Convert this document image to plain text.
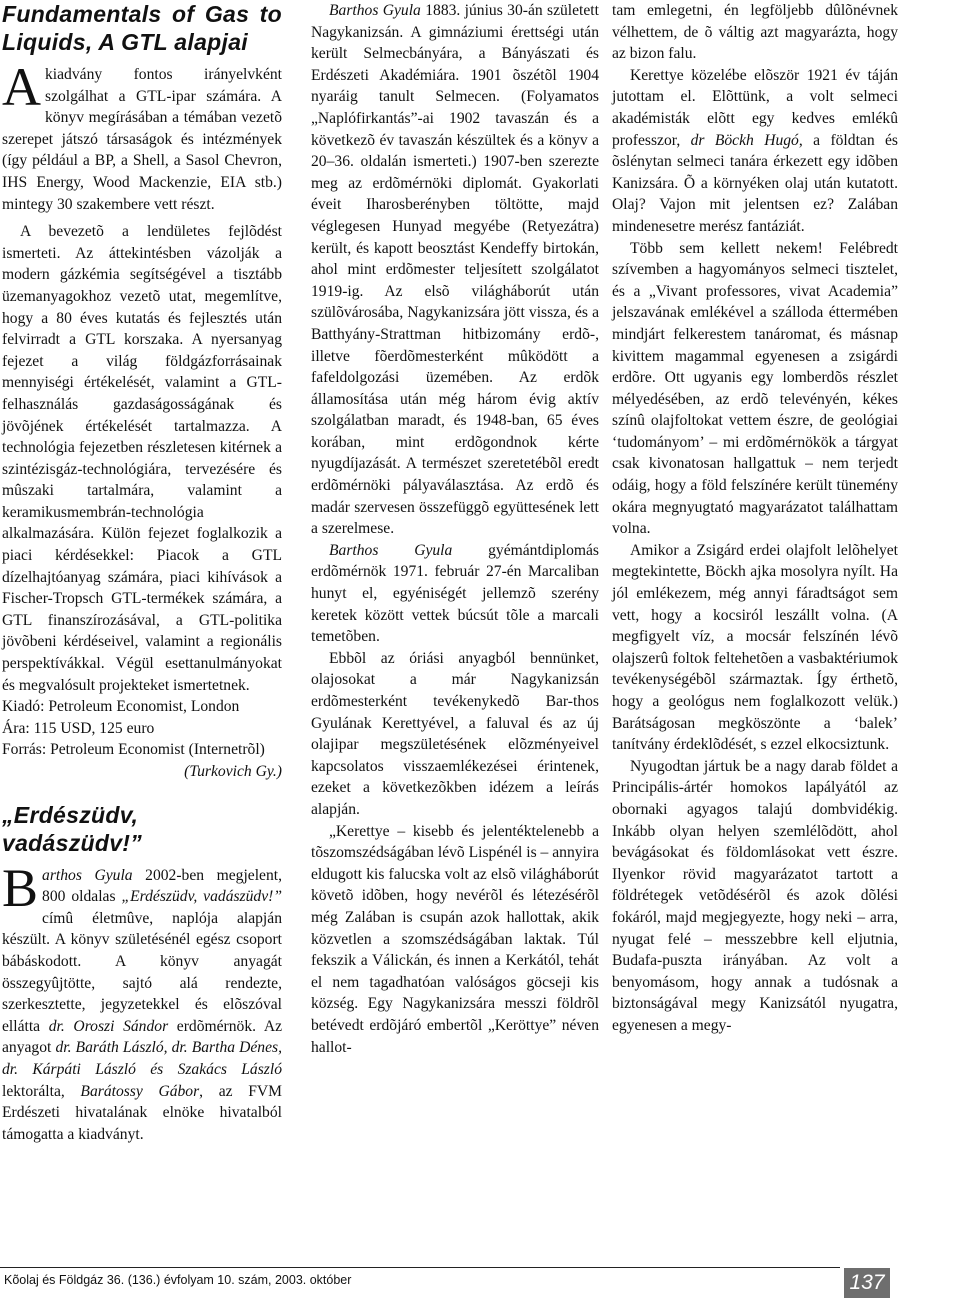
Fundamentals of Gas to Liquids, A GTL alapjai

Akiadvány fontos irányelvként szolgálhat a GTL-ipar számára. A könyv megírásában a témában vezetõ szerepet játszó társaságok és intézmények (így például a BP, a Shell, a Sasol Chevron, IHS Energy, Wood Mackenzie, EIA stb.) mintegy 30 szakembere vett részt.

A bevezetõ a lendületes fejlõdést ismerteti. Az áttekintésben vázolják a modern gázkémia segítségével a tisztább üzemanyagokhoz vezetõ utat, megemlítve, hogy a 80 éves kutatás és fejlesztés után felvirradt a GTL korszaka. A nyersanyag fejezet a világ földgázforrásainak mennyiségi értékelését, valamint a GTL-felhasználás gazdaságosságának és jövõjének értékelését tartalmazza. A technológia fejezetben részletesen kitérnek a szintézisgáz-technológiára, tervezésére és mûszaki tartalmára, valamint a keramikusmembrán-technológia alkalmazására. Külön fejezet foglalkozik a piaci kérdésekkel: Piacok a GTL dízelhajtóanyag számára, piaci kihívások a Fischer-Tropsch GTL-termékek számára, a GTL finanszírozásával, a GTL-politika jövõbeni kérdéseivel, valamint a regionális perspektívákkal. Végül esettanulmányokat és megvalósult projekteket ismertetnek.

Kiadó: Petroleum Economist, London

Ára: 115 USD, 125 euro

Forrás: Petroleum Economist (Internetrõl)

(Turkovich Gy.)

„Erdészüdv, vadászüdv!”

Barthos Gyula 2002-ben megjelent, 800 oldalas „Erdészüdv, vadászüdv!” címû életmûve, naplója alapján készült. A könyv születésénél egész csoport bábáskodott. A könyv anyagát összegyûjtötte, sajtó alá rendezte, szerkesztette, jegyzetekkel és elõszóval ellátta dr. Oroszi Sándor erdõmérnök. Az anyagot dr. Baráth László, dr. Bartha Dénes, dr. Kárpáti László és Szakács László lektorálta, Barátossy Gábor, az FVM Erdészeti hivatalának elnöke hivatalból támogatta a kiadványt.

Barthos Gyula 1883. június 30-án született Nagykanizsán. A gimnáziumi érettségi után került Selmecbányára, a Bányászati és Erdészeti Akadémiára. 1901 õszétõl 1904 nyaráig tanult Selmecen. (Folyamatos „Naplófirkantás”-ai 1902 tavaszán és a következõ év tavaszán készültek és a könyv a 20–36. oldalán ismerteti.) 1907-ben szerezte meg az erdõmérnöki diplomát. Gyakorlati éveit Iharosberényben töltötte, majd véglegesen Hunyad megyébe (Retyezátra) került, és kapott beosztást Kendeffy birtokán, ahol mint erdõmester teljesített szolgálatot 1919-ig. Az elsõ világháborút után szülõvárosába, Nagykanizsára jött vissza, és a Batthyány-Strattman hitbizomány erdõ-, illetve fõerdõmesterként mûködött a fafeldolgozási üzemében. Az erdõk államosítása után még három évig aktív szolgálatban maradt, és 1948-ban, 65 éves korában, mint erdõgondnok kérte nyugdíjazását. A természet szeretetébõl eredt erdõmérnöki pályaválasztása. Az erdõ és madár szervesen összefüggõ együttesének lett a szerelmese.

Barthos Gyula gyémántdiplomás erdõmérnök 1971. február 27-én Marcaliban hunyt el, egyéniségét jellemzõ szerény keretek között vettek búcsút tõle a marcali temetõben.

Ebbõl az óriási anyagból bennünket, olajosokat a már Nagykanizsán erdõmesterként tevékenykedõ Bar-thos Gyulának Kerettyével, a faluval és az új olajipar megszületésének elõzményeivel kapcsolatos visszaemlékezései érintenek, ezeket a következõkben idézem a leírás alapján.

„Kerettye – kisebb és jelentéktelenebb a tõszomszédságában lévõ Lispénél is – annyira eldugott kis falucska volt az elsõ világháborút követõ idõben, hogy nevérõl és létezésérõl még Zalában is csupán azok hallottak, akik közvetlen a szomszédságában laktak. Túl fekszik a Válickán, és innen a Kerkától, tehát el nem tagadhatóan valóságos göcseji kis község. Egy Nagykanizsára messzi földrõl betévedt erdõjáró embertõl „Keröttye” néven hallot-

tam emlegetni, én legföljebb dûlõnévnek vélhettem, de õ váltig azt magyarázta, hogy az bizon falu.

Kerettye közelébe elõször 1921 év táján jutottam el. Elõttünk, a volt selmeci akadémisták elõtt egy kedves emlékû professzor, dr Böckh Hugó, a földtan és õslénytan selmeci tanára érkezett egy idõben Kanizsára. Õ a környéken olaj után kutatott. Olaj? Vajon mit jelentsen ez? Zalában mindenesetre merész fantáziát.

Több sem kellett nekem! Felébredt szívemben a hagyományos selmeci tisztelet, és a „Vivant professores, vivat Academia” jelszavának emlékével a szálloda éttermében mindjárt felkerestem tanáromat, és másnap kivittem magammal egyenesen a zsigárdi erdõre. Ott ugyanis egy lomberdõs részlet mélyedésében, az erdõ televényén, kékes színû olajfoltokat vettem észre, de geológiai ‘tudományom’ – mi erdõmérnökök a tárgyat csak kivonatosan hallgattuk – nem terjedt odáig, hogy a föld felszínére került tünemény okára megnyugtató magyarázatot találhattam volna.

Amikor a Zsigárd erdei olajfolt lelõhelyet megtekintette, Böckh ajka mosolyra nyílt. Ha jól emlékezem, még annyi fáradtságot sem vett, hogy a kocsiról leszállt volna. (A megfigyelt víz, a mocsár felszínén lévõ olajszerû foltok feltehetõen a vasbaktériumok tevékenységébõl származtak. Így érthetõ, hogy a geológus nem foglalkozott velük.) Barátságosan megköszönte a ‘balek’ tanítvány érdeklõdését, s ezzel elkocsiztunk.

Nyugodtan jártuk be a nagy darab földet a Principális-ártér homokos lapályától az obornaki agyagos talajú dombvidékig. Inkább olyan helyen szemlélõdött, ahol bevágásokat és földomlásokat vett észre. Ilyenkor rövid magyarázatot tartott a földrétegek vetõdésérõl és azok dõlési fokáról, majd megjegyezte, hogy neki – arra, nyugat felé – messzebbre kell eljutnia, Budafa-puszta irányában. Az volt a benyomásom, hogy annak a tudósnak a biztonságával megy Kanizsától nyugatra, egyenesen a megy-

Kõolaj és Földgáz 36. (136.) évfolyam 10. szám, 2003. október	137
